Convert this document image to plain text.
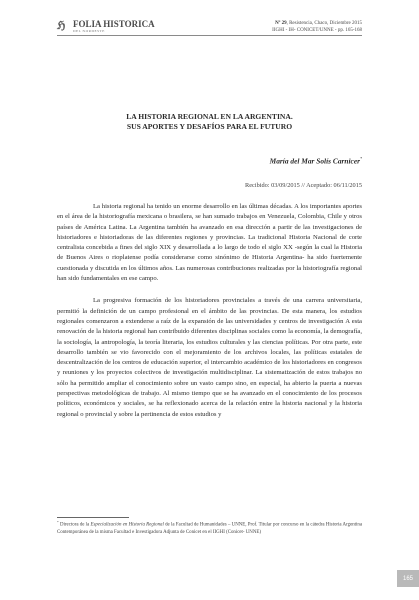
ℌ FOLIA HISTORICA
DEL NORDESTE
Nº 29, Resistencia, Chaco, Diciembre 2015
IIGHI - IH- CONICET/UNNE - pp. 165-168
LA HISTORIA REGIONAL EN LA ARGENTINA.
SUS APORTES Y DESAFÍOS PARA EL FUTURO
María del Mar Solís Carnicer*
Recibido: 03/09/2015 // Aceptado: 06/11/2015

La historia regional ha tenido un enorme desarrollo en las últimas décadas. A los importantes aportes en el área de la historiografía mexicana o brasilera, se han sumado trabajos en Venezuela, Colombia, Chile y otros países de América Latina. La Argentina también ha avanzado en esa dirección a partir de las investigaciones de historiadores e historiadoras de las diferentes regiones y provincias. La tradicional Historia Nacional de corte centralista concebida a fines del siglo XIX y desarrollada a lo largo de todo el siglo XX -según la cual la Historia de Buenos Aires o rioplatense podía considerarse como sinónimo de Historia Argentina- ha sido fuertemente cuestionada y discutida en los últimos años. Las numerosas contribuciones realizadas por la historiografía regional han sido fundamentales en ese campo.

La progresiva formación de los historiadores provinciales a través de una carrera universitaria, permitió la definición de un campo profesional en el ámbito de las provincias. De esta manera, los estudios regionales comenzaron a extenderse a raíz de la expansión de las universidades y centros de investigación A esta renovación de la historia regional han contribuido diferentes disciplinas sociales como la economía, la demografía, la sociología, la antropología, la teoría literaria, los estudios culturales y las ciencias políticas. Por otra parte, este desarrollo también se vio favorecido con el mejoramiento de los archivos locales, las políticas estatales de descentralización de los centros de educación superior, el intercambio académico de los historiadores en congresos y reuniones y los proyectos colectivos de investigación multidisciplinar. La sistematización de estos trabajos no sólo ha permitido ampliar el conocimiento sobre un vasto campo sino, en especial, ha abierto la puerta a nuevas perspectivas metodológicas de trabajo. Al mismo tiempo que se ha avanzado en el conocimiento de los procesos políticos, económicos y sociales, se ha reflexionado acerca de la relación entre la historia nacional y la historia regional o provincial y sobre la pertinencia de estos estudios y

* Directora de la Especialización en Historia Regional de la Facultad de Humanidades – UNNE, Prof. Titular por concurso en la cátedra Historia Argentina Contemporánea de la misma Facultad e Investigadora Adjunta de Conicet en el IIGHI (Conicet- UNNE)
165
